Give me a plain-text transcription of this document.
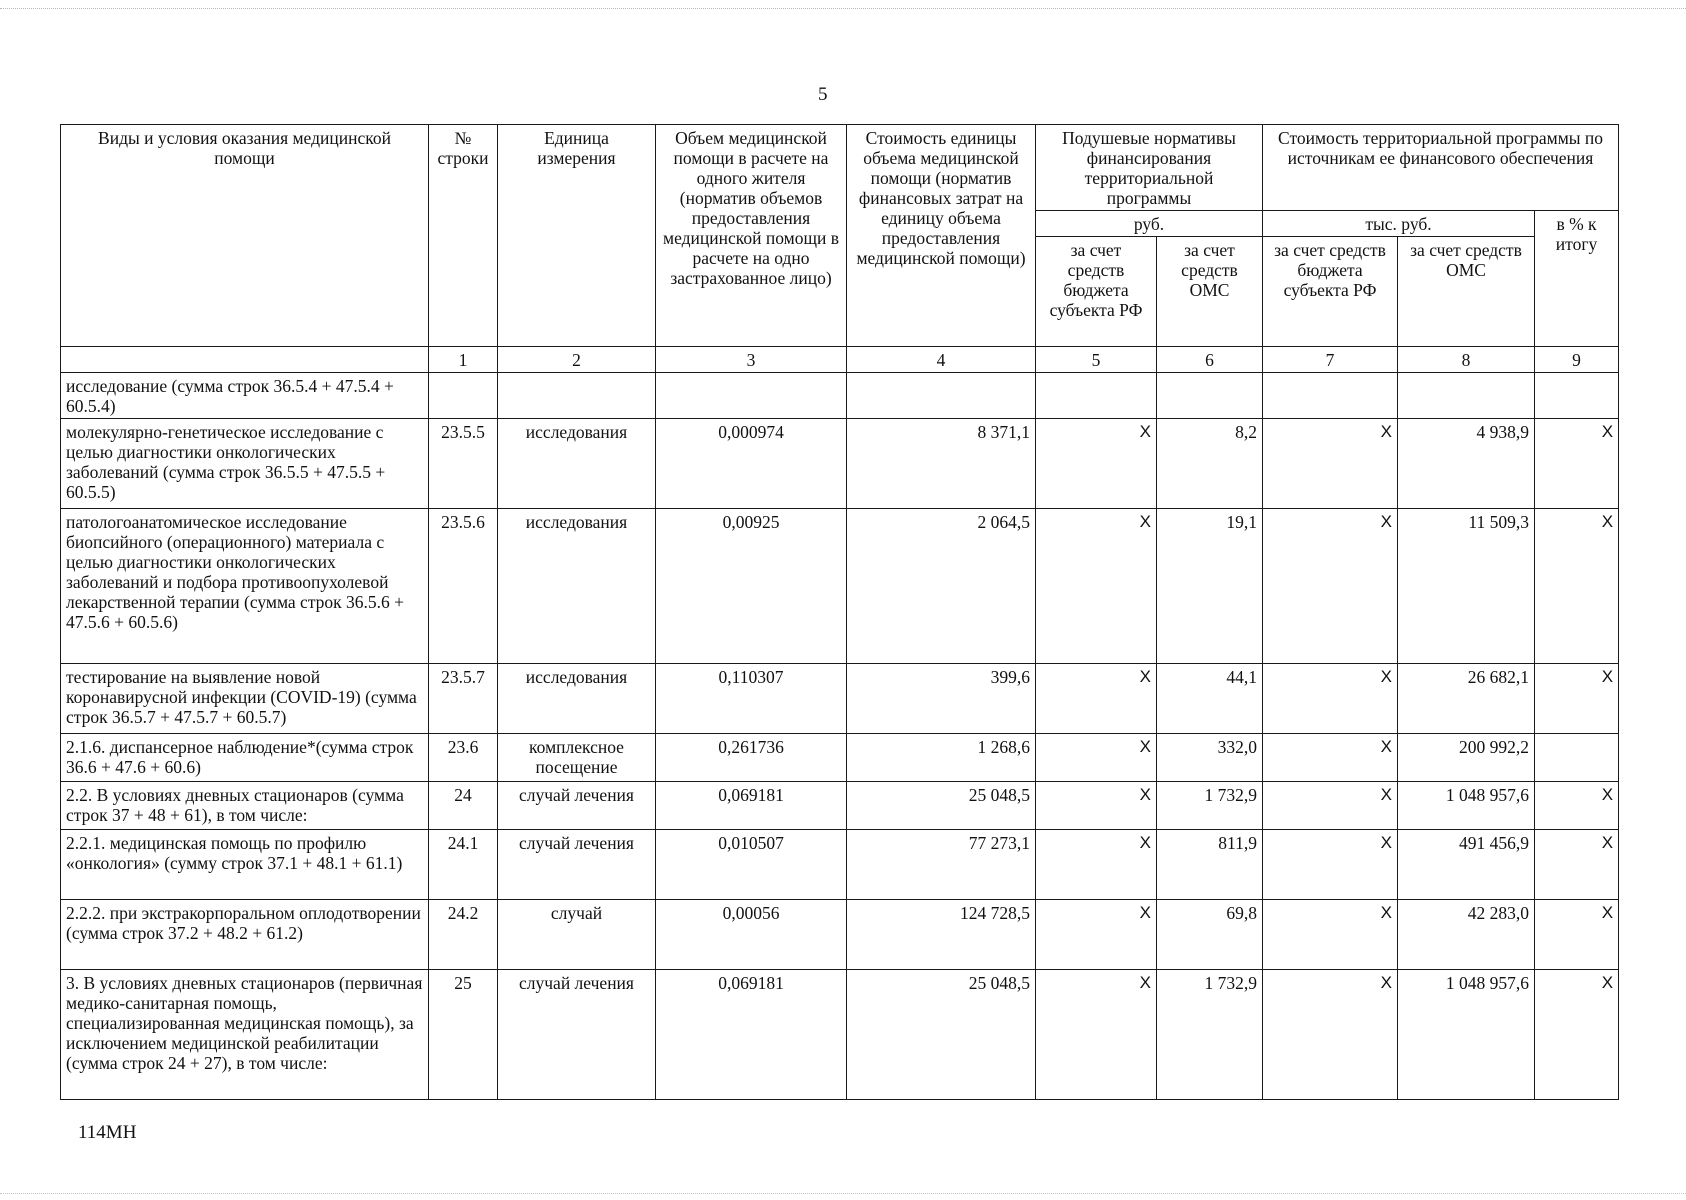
5
Виды и условия оказания медицинской помощи	№ строки	Единица измерения	Объем медицинской помощи в расчете на одного жителя (норматив объемов предоставления медицинской помощи в расчете на одно застрахованное лицо)	Стоимость единицы объема медицинской помощи (норматив финансовых затрат на единицу объема предоставления медицинской помощи)	Подушевые нормативы финансирования территориальной программы		Стоимость территориальной программы по источникам ее финансового обеспечения		
					руб.		тыс. руб.		в % к итогу
					за счет средств бюджета субъекта РФ	за счет средств ОМС	за счет средств бюджета субъекта РФ	за счет средств ОМС	
	1	2	3	4	5	6	7	8	9
исследование (сумма строк 36.5.4 + 47.5.4 + 60.5.4)									
молекулярно-генетическое исследование с целью диагностики онкологических заболеваний (сумма строк 36.5.5 + 47.5.5 + 60.5.5)	23.5.5	исследования	0,000974	8 371,1	X	8,2	X	4 938,9	X
патологоанатомическое исследование биопсийного (операционного) материала с целью диагностики онкологических заболеваний и подбора противоопухолевой лекарственной терапии (сумма строк 36.5.6 + 47.5.6 + 60.5.6)	23.5.6	исследования	0,00925	2 064,5	X	19,1	X	11 509,3	X
тестирование на выявление новой коронавирусной инфекции (COVID-19) (сумма строк 36.5.7 + 47.5.7 + 60.5.7)	23.5.7	исследования	0,110307	399,6	X	44,1	X	26 682,1	X
2.1.6. диспансерное наблюдение*(сумма строк 36.6 + 47.6 + 60.6)	23.6	комплексное посещение	0,261736	1 268,6	X	332,0	X	200 992,2	
2.2. В условиях дневных стационаров (сумма строк 37 + 48 + 61), в том числе:	24	случай лечения	0,069181	25 048,5	X	1 732,9	X	1 048 957,6	X
2.2.1. медицинская помощь по профилю «онкология» (сумму строк 37.1 + 48.1 + 61.1)	24.1	случай лечения	0,010507	77 273,1	X	811,9	X	491 456,9	X
2.2.2. при экстракорпоральном оплодотворении (сумма строк 37.2 + 48.2 + 61.2)	24.2	случай	0,00056	124 728,5	X	69,8	X	42 283,0	X
3. В условиях дневных стационаров (первичная медико-санитарная помощь, специализированная медицинская помощь), за исключением медицинской реабилитации (сумма строк 24 + 27), в том числе:	25	случай лечения	0,069181	25 048,5	X	1 732,9	X	1 048 957,6	X
114МН
